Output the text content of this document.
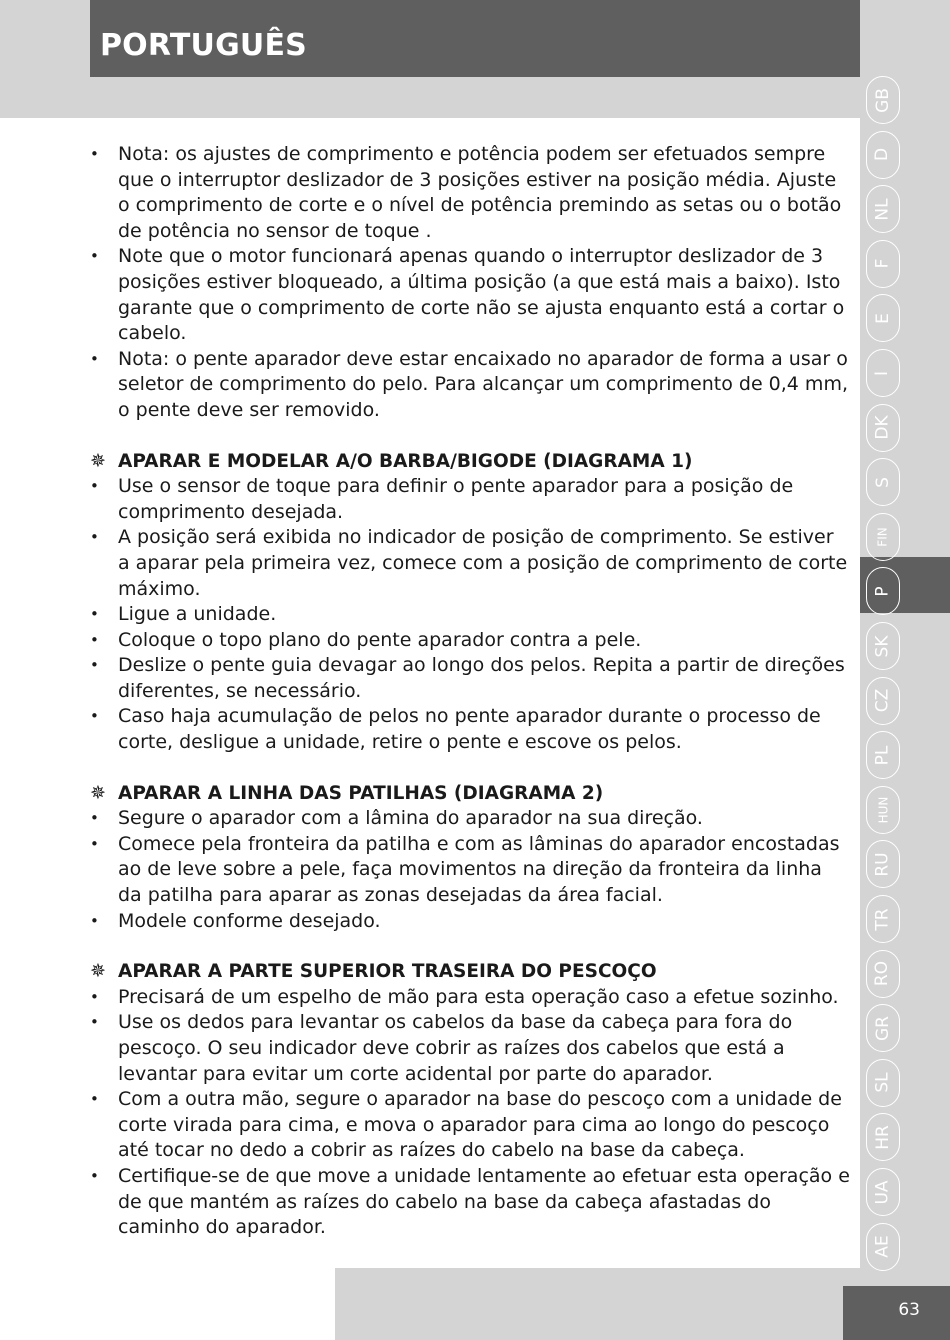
PORTUGUÊS
GB
D
NL
F
E
I
DK
S
FIN
P
SK
CZ
PL
HUN
RU
TR
RO
GR
SL
HR
UA
AE
• Nota: os ajustes de comprimento e potência podem ser efetuados sempre que o interruptor deslizador de 3 posições estiver na posição média. Ajuste o comprimento de corte e o nível de potência premindo as setas ou o botão de potência no sensor de toque .
• Note que o motor funcionará apenas quando o interruptor deslizador de 3 posições estiver bloqueado, a última posição (a que está mais a baixo). Isto garante que o comprimento de corte não se ajusta enquanto está a cortar o cabelo.
• Nota: o pente aparador deve estar encaixado no aparador de forma a usar o seletor de comprimento do pelo. Para alcançar um comprimento de 0,4 mm, o pente deve ser removido.
✵ APARAR E MODELAR A/O BARBA/BIGODE (DIAGRAMA 1)
• Use o sensor de toque para definir o pente aparador para a posição de comprimento desejada.
• A posição será exibida no indicador de posição de comprimento. Se estiver a aparar pela primeira vez, comece com a posição de comprimento de corte máximo.
• Ligue a unidade.
• Coloque o topo plano do pente aparador contra a pele.
• Deslize o pente guia devagar ao longo dos pelos. Repita a partir de direções diferentes, se necessário.
• Caso haja acumulação de pelos no pente aparador durante o processo de corte, desligue a unidade, retire o pente e escove os pelos.
✵ APARAR A LINHA DAS PATILHAS (DIAGRAMA 2)
• Segure o aparador com a lâmina do aparador na sua direção.
• Comece pela fronteira da patilha e com as lâminas do aparador encostadas ao de leve sobre a pele, faça movimentos na direção da fronteira da linha da patilha para aparar as zonas desejadas da área facial.
• Modele conforme desejado.
✵ APARAR A PARTE SUPERIOR TRASEIRA DO PESCOÇO
• Precisará de um espelho de mão para esta operação caso a efetue sozinho.
• Use os dedos para levantar os cabelos da base da cabeça para fora do pescoço. O seu indicador deve cobrir as raízes dos cabelos que está a levantar para evitar um corte acidental por parte do aparador.
• Com a outra mão, segure o aparador na base do pescoço com a unidade de corte virada para cima, e mova o aparador para cima ao longo do pescoço até tocar no dedo a cobrir as raízes do cabelo na base da cabeça.
• Certifique-se de que move a unidade lentamente ao efetuar esta operação e de que mantém as raízes do cabelo na base da cabeça afastadas do caminho do aparador.
63
